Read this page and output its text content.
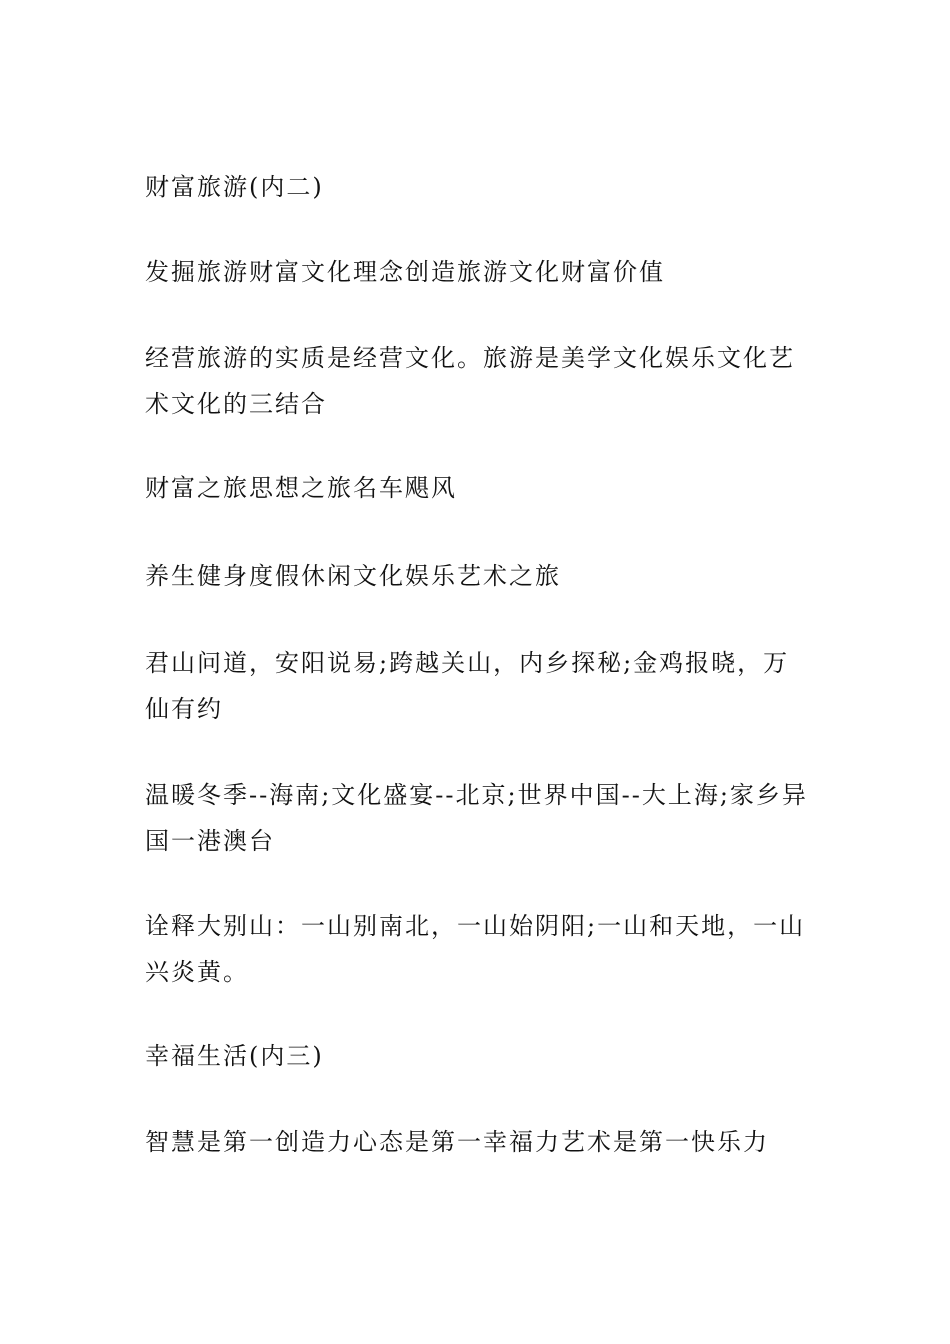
财富旅游(内二)

发掘旅游财富文化理念创造旅游文化财富价值

经营旅游的实质是经营文化。旅游是美学文化娱乐文化艺术文化的三结合

财富之旅思想之旅名车飓风

养生健身度假休闲文化娱乐艺术之旅

君山问道，安阳说易;跨越关山，内乡探秘;金鸡报晓，万仙有约

温暖冬季--海南;文化盛宴--北京;世界中国--大上海;家乡异国一港澳台

诠释大别山：一山别南北，一山始阴阳;一山和天地，一山兴炎黄。

幸福生活(内三)

智慧是第一创造力心态是第一幸福力艺术是第一快乐力
